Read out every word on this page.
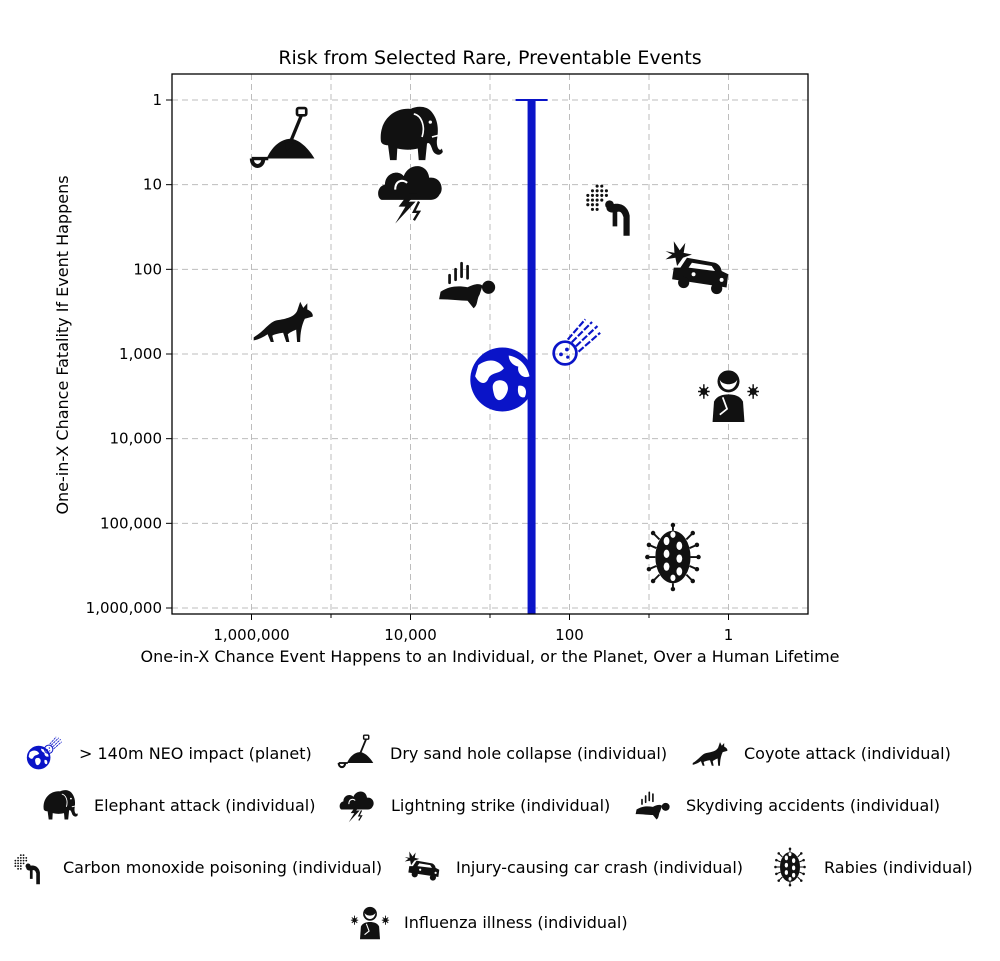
Risk from Selected Rare, Preventable Events
1,000,000	10,000	100	1
1
10
100
1,000
10,000
100,000
1,000,000
One-in-X Chance Event Happens to an Individual, or the Planet, Over a Human Lifetime
One-in-X Chance Fatality If Event Happens
> 140m NEO impact (planet)	Dry sand hole collapse (individual)	Coyote attack (individual)
Elephant attack (individual)	Lightning strike (individual)	Skydiving accidents (individual)
Carbon monoxide poisoning (individual)	Injury-causing car crash (individual)	Rabies (individual)
Influenza illness (individual)
